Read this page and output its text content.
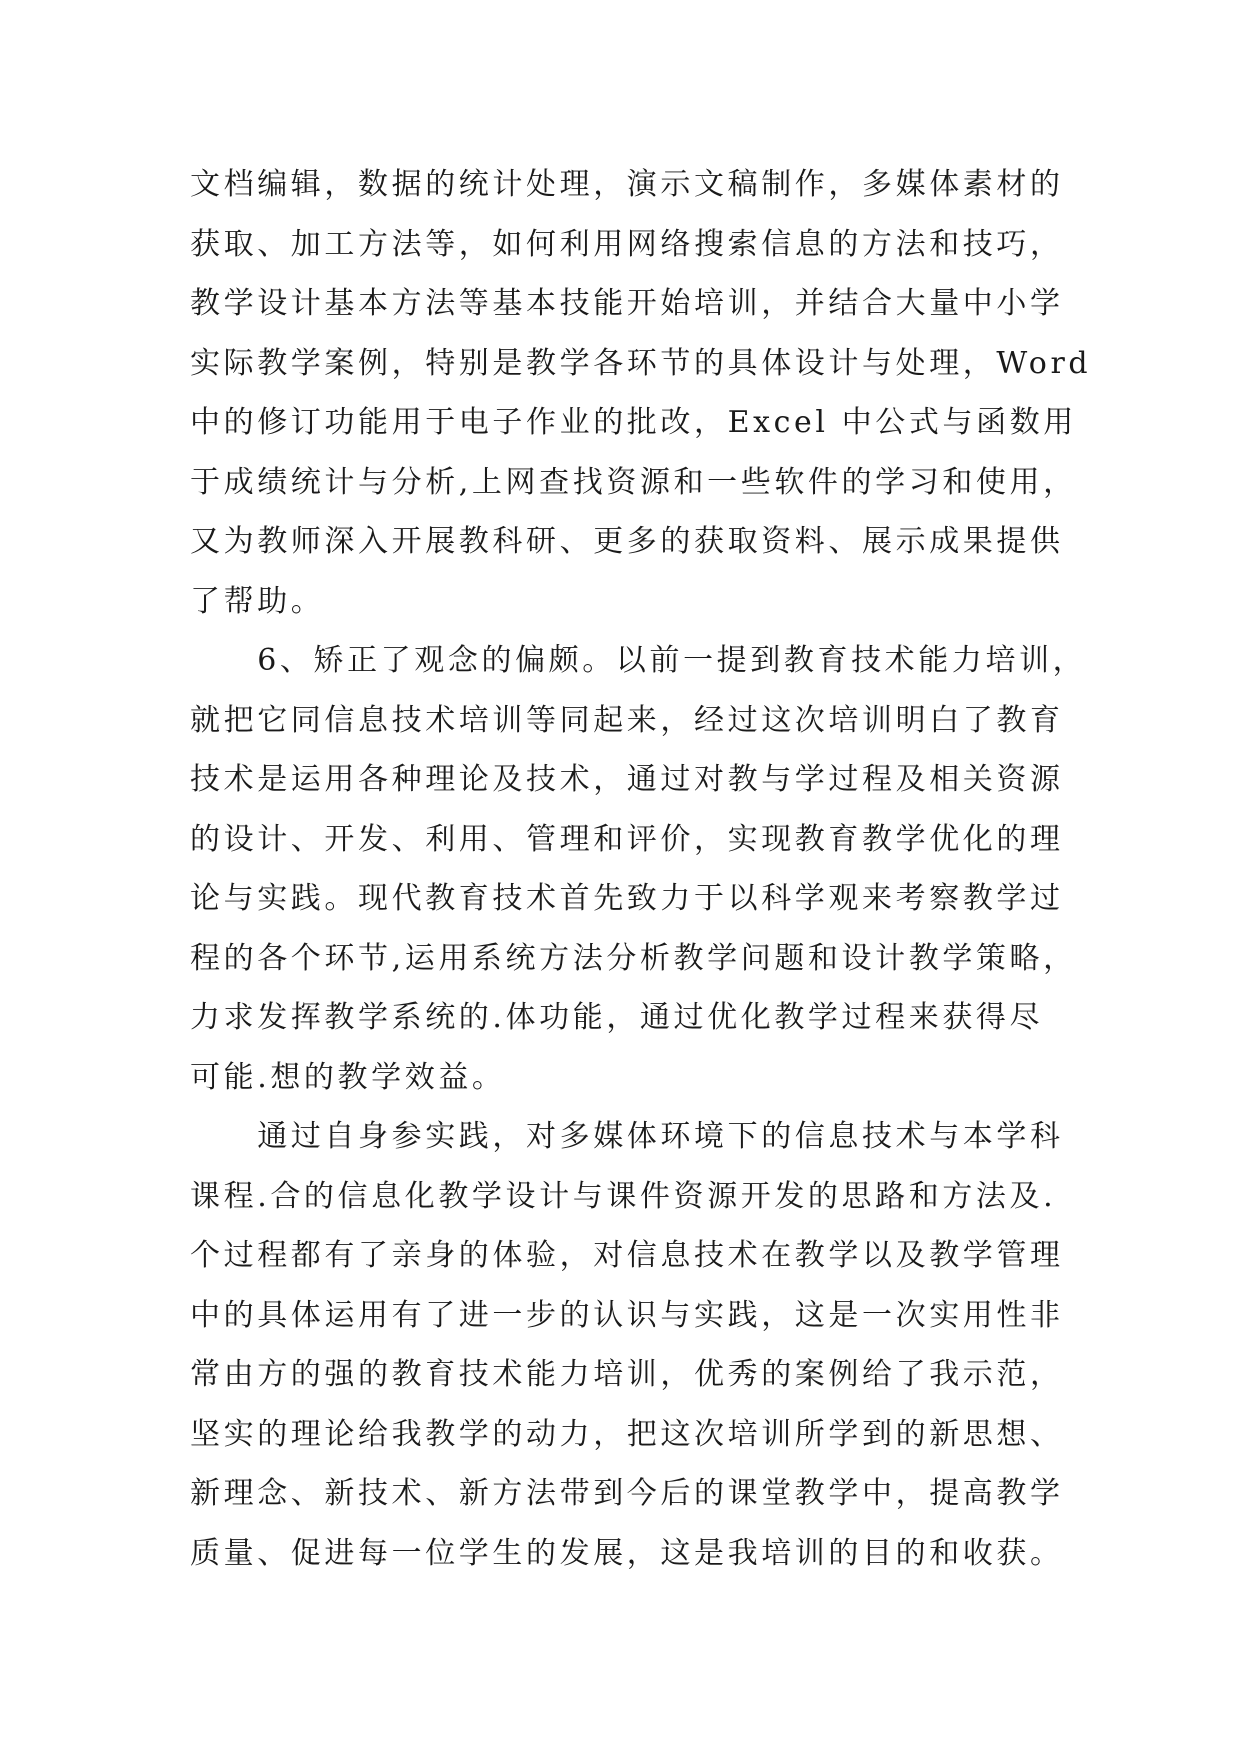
文档编辑，数据的统计处理，演示文稿制作，多媒体素材的
获取、加工方法等，如何利用网络搜索信息的方法和技巧，
教学设计基本方法等基本技能开始培训，并结合大量中小学
实际教学案例，特别是教学各环节的具体设计与处理，Word
中的修订功能用于电子作业的批改，Excel 中公式与函数用
于成绩统计与分析,上网查找资源和一些软件的学习和使用，
又为教师深入开展教科研、更多的获取资料、展示成果提供
了帮助。
　　6、矫正了观念的偏颇。以前一提到教育技术能力培训，
就把它同信息技术培训等同起来，经过这次培训明白了教育
技术是运用各种理论及技术，通过对教与学过程及相关资源
的设计、开发、利用、管理和评价，实现教育教学优化的理
论与实践。现代教育技术首先致力于以科学观来考察教学过
程的各个环节,运用系统方法分析教学问题和设计教学策略，
力求发挥教学系统的.体功能，通过优化教学过程来获得尽
可能.想的教学效益。
　　通过自身参实践，对多媒体环境下的信息技术与本学科
课程.合的信息化教学设计与课件资源开发的思路和方法及.
个过程都有了亲身的体验，对信息技术在教学以及教学管理
中的具体运用有了进一步的认识与实践，这是一次实用性非
常由方的强的教育技术能力培训，优秀的案例给了我示范，
坚实的理论给我教学的动力，把这次培训所学到的新思想、
新理念、新技术、新方法带到今后的课堂教学中，提高教学
质量、促进每一位学生的发展，这是我培训的目的和收获。
